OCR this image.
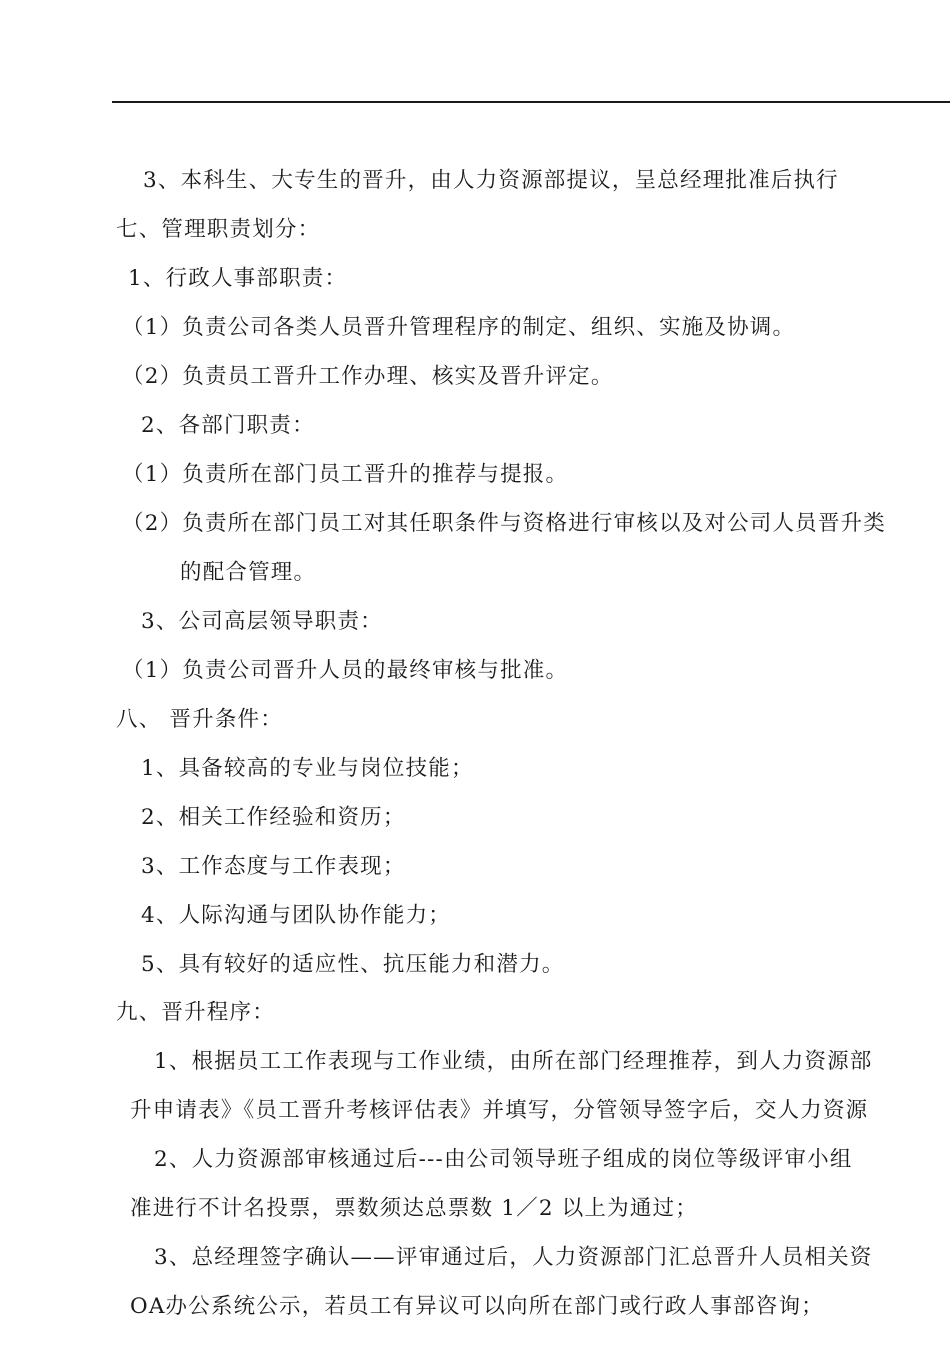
3、本科生、大专生的晋升，由人力资源部提议，呈总经理批准后执行
七、管理职责划分：
1、行政人事部职责：
（1）负责公司各类人员晋升管理程序的制定、组织、实施及协调。
（2）负责员工晋升工作办理、核实及晋升评定。
2、各部门职责：
（1）负责所在部门员工晋升的推荐与提报。
（2）负责所在部门员工对其任职条件与资格进行审核以及对公司人员晋升类
的配合管理。
3、公司高层领导职责：
（1）负责公司晋升人员的最终审核与批准。
八、 晋升条件：
1、具备较高的专业与岗位技能；
2、相关工作经验和资历；
3、工作态度与工作表现；
4、人际沟通与团队协作能力；
5、具有较好的适应性、抗压能力和潜力。
九、晋升程序：
1、根据员工工作表现与工作业绩，由所在部门经理推荐，到人力资源部
升申请表》《员工晋升考核评估表》并填写，分管领导签字后，交人力资源
2、人力资源部审核通过后---由公司领导班子组成的岗位等级评审小组
准进行不计名投票，票数须达总票数 1／2 以上为通过；
3、总经理签字确认——评审通过后，人力资源部门汇总晋升人员相关资
OA办公系统公示，若员工有异议可以向所在部门或行政人事部咨询；
